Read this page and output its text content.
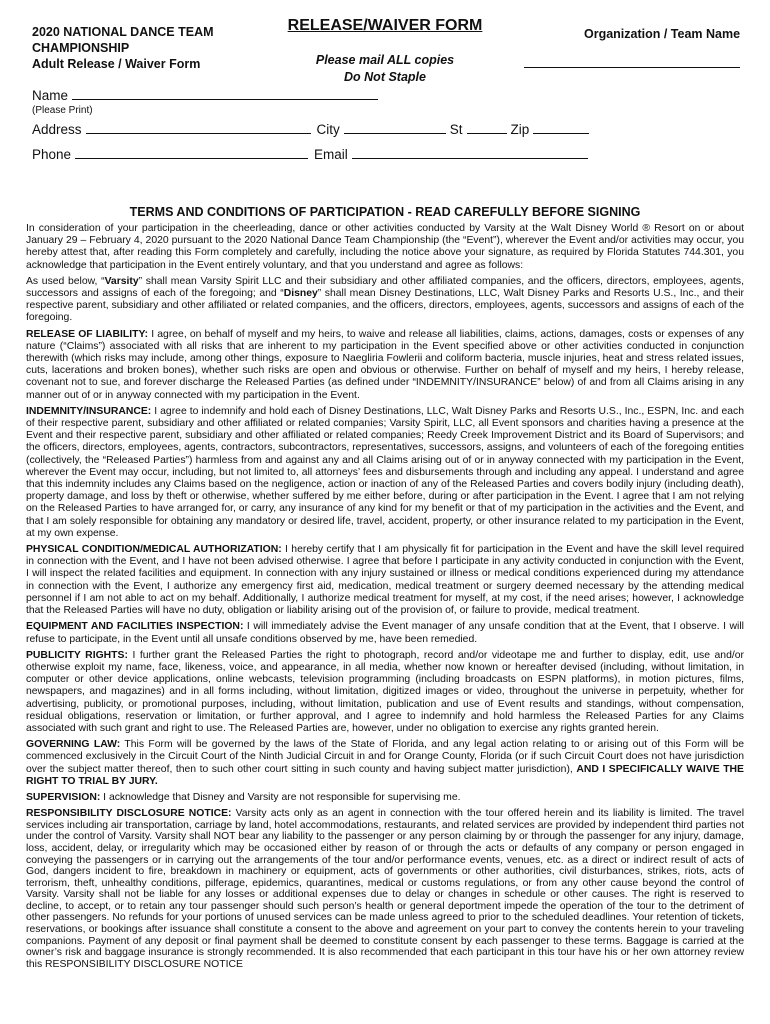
2020 NATIONAL DANCE TEAM
CHAMPIONSHIP
Adult Release / Waiver Form
RELEASE/WAIVER FORM
Please mail ALL copies
Do Not Staple
Organization / Team Name
Name
(Please Print)
Address	City	St	Zip
Phone	Email
TERMS AND CONDITIONS OF PARTICIPATION - READ CAREFULLY BEFORE SIGNING

In consideration of your participation in the cheerleading, dance or other activities conducted by Varsity at the Walt Disney World ® Resort on or about January 29 – February 4, 2020 pursuant to the 2020 National Dance Team Championship (the “Event”), wherever the Event and/or activities may occur, you hereby attest that, after reading this Form completely and carefully, including the notice above your signature, as required by Florida Statutes 744.301, you acknowledge that participation in the Event entirely voluntary, and that you understand and agree as follows:

As used below, “Varsity” shall mean Varsity Spirit LLC and their subsidiary and other affiliated companies, and the officers, directors, employees, agents, successors and assigns of each of the foregoing; and “Disney” shall mean Disney Destinations, LLC, Walt Disney Parks and Resorts U.S., Inc., and their respective parent, subsidiary and other affiliated or related companies, and the officers, directors, employees, agents, successors and assigns of each of the foregoing.

RELEASE OF LIABILITY: I agree, on behalf of myself and my heirs, to waive and release all liabilities, claims, actions, damages, costs or expenses of any nature (“Claims”) associated with all risks that are inherent to my participation in the Event specified above or other activities conducted in conjunction therewith (which risks may include, among other things, exposure to Naegliria Fowlerii and coliform bacteria, muscle injuries, heat and stress related issues, cuts, lacerations and broken bones), whether such risks are open and obvious or otherwise. Further on behalf of myself and my heirs, I hereby release, covenant not to sue, and forever discharge the Released Parties (as defined under “INDEMNITY/INSURANCE” below) of and from all Claims arising in any manner out of or in anyway connected with my participation in the Event.

INDEMNITY/INSURANCE: I agree to indemnify and hold each of Disney Destinations, LLC, Walt Disney Parks and Resorts U.S., Inc., ESPN, Inc. and each of their respective parent, subsidiary and other affiliated or related companies; Varsity Spirit, LLC, all Event sponsors and charities having a presence at the Event and their respective parent, subsidiary and other affiliated or related companies; Reedy Creek Improvement District and its Board of Supervisors; and the officers, directors, employees, agents, contractors, subcontractors, representatives, successors, assigns, and volunteers of each of the foregoing entities (collectively, the “Released Parties”) harmless from and against any and all Claims arising out of or in anyway connected with my participation in the Event, wherever the Event may occur, including, but not limited to, all attorneys’ fees and disbursements through and including any appeal. I understand and agree that this indemnity includes any Claims based on the negligence, action or inaction of any of the Released Parties and covers bodily injury (including death), property damage, and loss by theft or otherwise, whether suffered by me either before, during or after participation in the Event. I agree that I am not relying on the Released Parties to have arranged for, or carry, any insurance of any kind for my benefit or that of my participation in the activities and the Event, and that I am solely responsible for obtaining any mandatory or desired life, travel, accident, property, or other insurance related to my participation in the Event, at my own expense.

PHYSICAL CONDITION/MEDICAL AUTHORIZATION: I hereby certify that I am physically fit for participation in the Event and have the skill level required in connection with the Event, and I have not been advised otherwise. I agree that before I participate in any activity conducted in conjunction with the Event, I will inspect the related facilities and equipment. In connection with any injury sustained or illness or medical conditions experienced during my attendance in connection with the Event, I authorize any emergency first aid, medication, medical treatment or surgery deemed necessary by the attending medical personnel if I am not able to act on my behalf. Additionally, I authorize medical treatment for myself, at my cost, if the need arises; however, I acknowledge that the Released Parties will have no duty, obligation or liability arising out of the provision of, or failure to provide, medical treatment.

EQUIPMENT AND FACILITIES INSPECTION: I will immediately advise the Event manager of any unsafe condition that at the Event, that I observe. I will refuse to participate, in the Event until all unsafe conditions observed by me, have been remedied.

PUBLICITY RIGHTS: I further grant the Released Parties the right to photograph, record and/or videotape me and further to display, edit, use and/or otherwise exploit my name, face, likeness, voice, and appearance, in all media, whether now known or hereafter devised (including, without limitation, in computer or other device applications, online webcasts, television programming (including broadcasts on ESPN platforms), in motion pictures, films, newspapers, and magazines) and in all forms including, without limitation, digitized images or video, throughout the universe in perpetuity, whether for advertising, publicity, or promotional purposes, including, without limitation, publication and use of Event results and standings, without compensation, residual obligations, reservation or limitation, or further approval, and I agree to indemnify and hold harmless the Released Parties for any Claims associated with such grant and right to use. The Released Parties are, however, under no obligation to exercise any rights granted herein.

GOVERNING LAW: This Form will be governed by the laws of the State of Florida, and any legal action relating to or arising out of this Form will be commenced exclusively in the Circuit Court of the Ninth Judicial Circuit in and for Orange County, Florida (or if such Circuit Court does not have jurisdiction over the subject matter thereof, then to such other court sitting in such county and having subject matter jurisdiction), AND I SPECIFICALLY WAIVE THE RIGHT TO TRIAL BY JURY.

SUPERVISION: I acknowledge that Disney and Varsity are not responsible for supervising me.

RESPONSIBILITY DISCLOSURE NOTICE: Varsity acts only as an agent in connection with the tour offered herein and its liability is limited. The travel services including air transportation, carriage by land, hotel accommodations, restaurants, and related services are provided by independent third parties not under the control of Varsity. Varsity shall NOT bear any liability to the passenger or any person claiming by or through the passenger for any injury, damage, loss, accident, delay, or irregularity which may be occasioned either by reason of or through the acts or defaults of any company or person engaged in conveying the passengers or in carrying out the arrangements of the tour and/or performance events, venues, etc. as a direct or indirect result of acts of God, dangers incident to fire, breakdown in machinery or equipment, acts of governments or other authorities, civil disturbances, strikes, riots, acts of terrorism, theft, unhealthy conditions, pilferage, epidemics, quarantines, medical or customs regulations, or from any other cause beyond the control of Varsity. Varsity shall not be liable for any losses or additional expenses due to delay or changes in schedule or other causes. The right is reserved to decline, to accept, or to retain any tour passenger should such person’s health or general deportment impede the operation of the tour to the detriment of other passengers. No refunds for your portions of unused services can be made unless agreed to prior to the scheduled deadlines. Your retention of tickets, reservations, or bookings after issuance shall constitute a consent to the above and agreement on your part to convey the contents herein to your traveling companions. Payment of any deposit or final payment shall be deemed to constitute consent by each passenger to these terms. Baggage is carried at the owner’s risk and baggage insurance is strongly recommended. It is also recommended that each participant in this tour have his or her own attorney review this RESPONSIBILITY DISCLOSURE NOTICE
